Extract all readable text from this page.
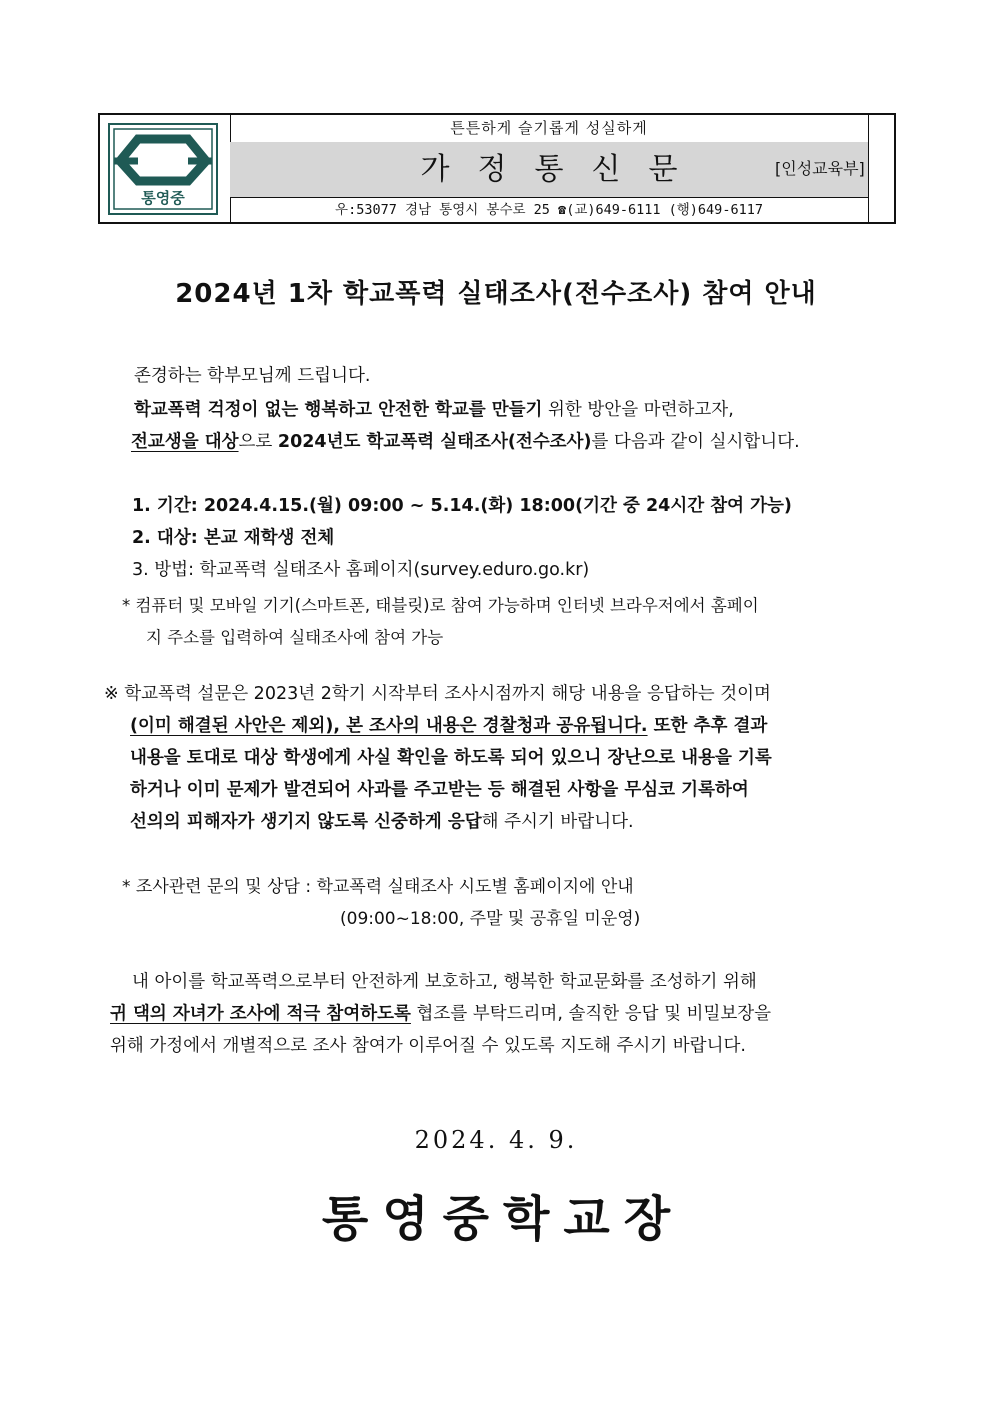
통영중
튼튼하게 슬기롭게 성실하게
가정통신문
우:53077 경남 통영시 봉수로 25 ☎(교)649-6111 (행)649-6117
[인성교육부]
2024년 1차 학교폭력 실태조사(전수조사) 참여 안내
존경하는 학부모님께 드립니다.
학교폭력 걱정이 없는 행복하고 안전한 학교를 만들기 위한 방안을 마련하고자,
전교생을 대상으로 2024년도 학교폭력 실태조사(전수조사)를 다음과 같이 실시합니다.
1. 기간: 2024.4.15.(월) 09:00 ~ 5.14.(화) 18:00(기간 중 24시간 참여 가능)
2. 대상: 본교 재학생 전체
3. 방법: 학교폭력 실태조사 홈페이지(survey.eduro.go.kr)
* 컴퓨터 및 모바일 기기(스마트폰, 태블릿)로 참여 가능하며 인터넷 브라우저에서 홈페이
지 주소를 입력하여 실태조사에 참여 가능
※ 학교폭력 설문은 2023년 2학기 시작부터 조사시점까지 해당 내용을 응답하는 것이며
(이미 해결된 사안은 제외), 본 조사의 내용은 경찰청과 공유됩니다. 또한 추후 결과
내용을 토대로 대상 학생에게 사실 확인을 하도록 되어 있으니 장난으로 내용을 기록
하거나 이미 문제가 발견되어 사과를 주고받는 등 해결된 사항을 무심코 기록하여
선의의 피해자가 생기지 않도록 신중하게 응답해 주시기 바랍니다.
* 조사관련 문의 및 상담 : 학교폭력 실태조사 시도별 홈페이지에 안내
(09:00~18:00, 주말 및 공휴일 미운영)
내 아이를 학교폭력으로부터 안전하게 보호하고, 행복한 학교문화를 조성하기 위해
귀 댁의 자녀가 조사에 적극 참여하도록 협조를 부탁드리며, 솔직한 응답 및 비밀보장을
위해 가정에서 개별적으로 조사 참여가 이루어질 수 있도록 지도해 주시기 바랍니다.
2024. 4. 9.
통영중학교장
